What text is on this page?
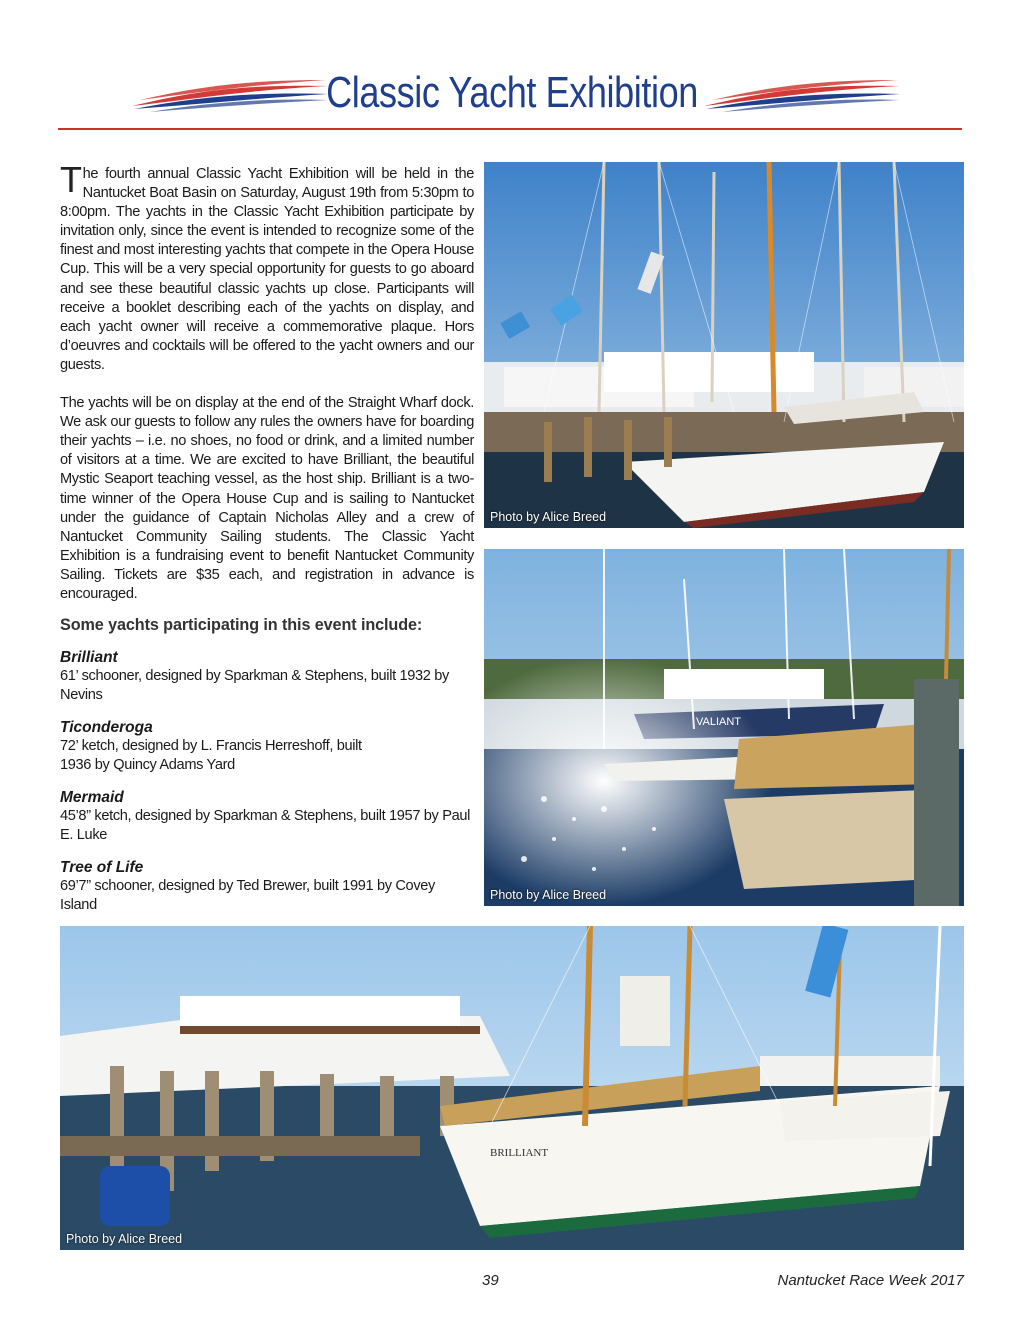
Classic Yacht Exhibition

The fourth annual Classic Yacht Exhibition will be held in the Nantucket Boat Basin on Saturday, August 19th from 5:30pm to 8:00pm. The yachts in the Classic Yacht Exhibition participate by invitation only, since the event is intended to recognize some of the finest and most interesting yachts that compete in the Opera House Cup. This will be a very special opportunity for guests to go aboard and see these beautiful classic yachts up close. Participants will receive a booklet describing each of the yachts on display, and each yacht owner will receive a commemorative plaque. Hors d’oeuvres and cocktails will be offered to the yacht owners and our guests.

The yachts will be on display at the end of the Straight Wharf dock. We ask our guests to follow any rules the owners have for boarding their yachts – i.e. no shoes, no food or drink, and a limited number of visitors at a time. We are excited to have Brilliant, the beautiful Mystic Seaport teaching vessel, as the host ship. Brilliant is a two-time winner of the Opera House Cup and is sailing to Nantucket under the guidance of Captain Nicholas Alley and a crew of Nantucket Community Sailing students. The Classic Yacht Exhibition is a fundraising event to benefit Nantucket Community Sailing. Tickets are $35 each, and registration in advance is encouraged.

Some yachts participating in this event include:
Brilliant
61’ schooner, designed by Sparkman & Stephens, built 1932 by Nevins
Ticonderoga
72’ ketch, designed by L. Francis Herreshoff, built 1936 by Quincy Adams Yard
Mermaid
45’8” ketch, designed by Sparkman & Stephens, built 1957 by Paul E. Luke
Tree of Life
69’7” schooner, designed by Ted Brewer, built 1991 by Covey Island
Photo by Alice Breed
VALIANT
Photo by Alice Breed
BRILLIANT
Photo by Alice Breed
39	Nantucket Race Week 2017
